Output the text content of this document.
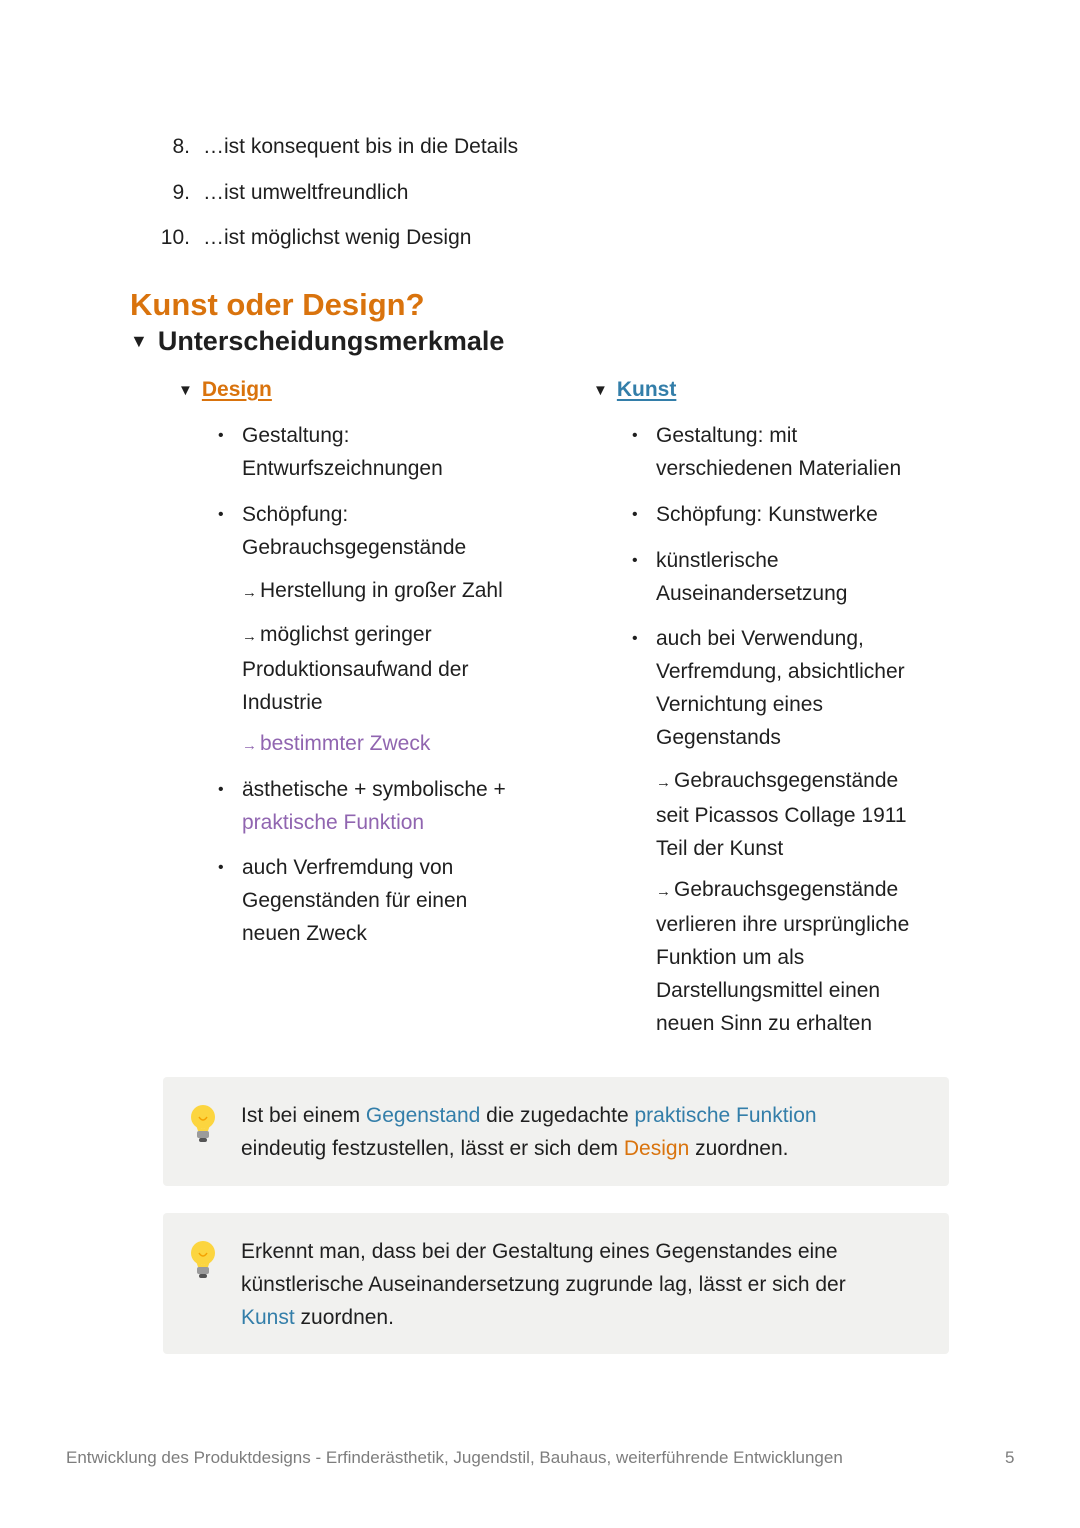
8. …ist konsequent bis in die Details
9. …ist umweltfreundlich
10. …ist möglichst wenig Design
Kunst oder Design?
▼ Unterscheidungsmerkmale
▼ Design
• Gestaltung:
Entwurfszeichnungen
• Schöpfung:
Gebrauchsgegenstände
→ Herstellung in großer Zahl
→ möglichst geringer
Produktionsaufwand der
Industrie
→ bestimmter Zweck
• ästhetische + symbolische +
praktische Funktion
• auch Verfremdung von
Gegenständen für einen
neuen Zweck
▼ Kunst
• Gestaltung: mit
verschiedenen Materialien
• Schöpfung: Kunstwerke
• künstlerische
Auseinandersetzung
• auch bei Verwendung,
Verfremdung, absichtlicher
Vernichtung eines
Gegenstands
→ Gebrauchsgegenstände
seit Picassos Collage 1911
Teil der Kunst
→ Gebrauchsgegenstände
verlieren ihre ursprüngliche
Funktion um als
Darstellungsmittel einen
neuen Sinn zu erhalten
Ist bei einem Gegenstand die zugedachte praktische Funktion
eindeutig festzustellen, lässt er sich dem Design zuordnen.
Erkennt man, dass bei der Gestaltung eines Gegenstandes eine
künstlerische Auseinandersetzung zugrunde lag, lässt er sich der
Kunst zuordnen.
Entwicklung des Produktdesigns - Erfinderästhetik, Jugendstil, Bauhaus, weiterführende Entwicklungen	5
